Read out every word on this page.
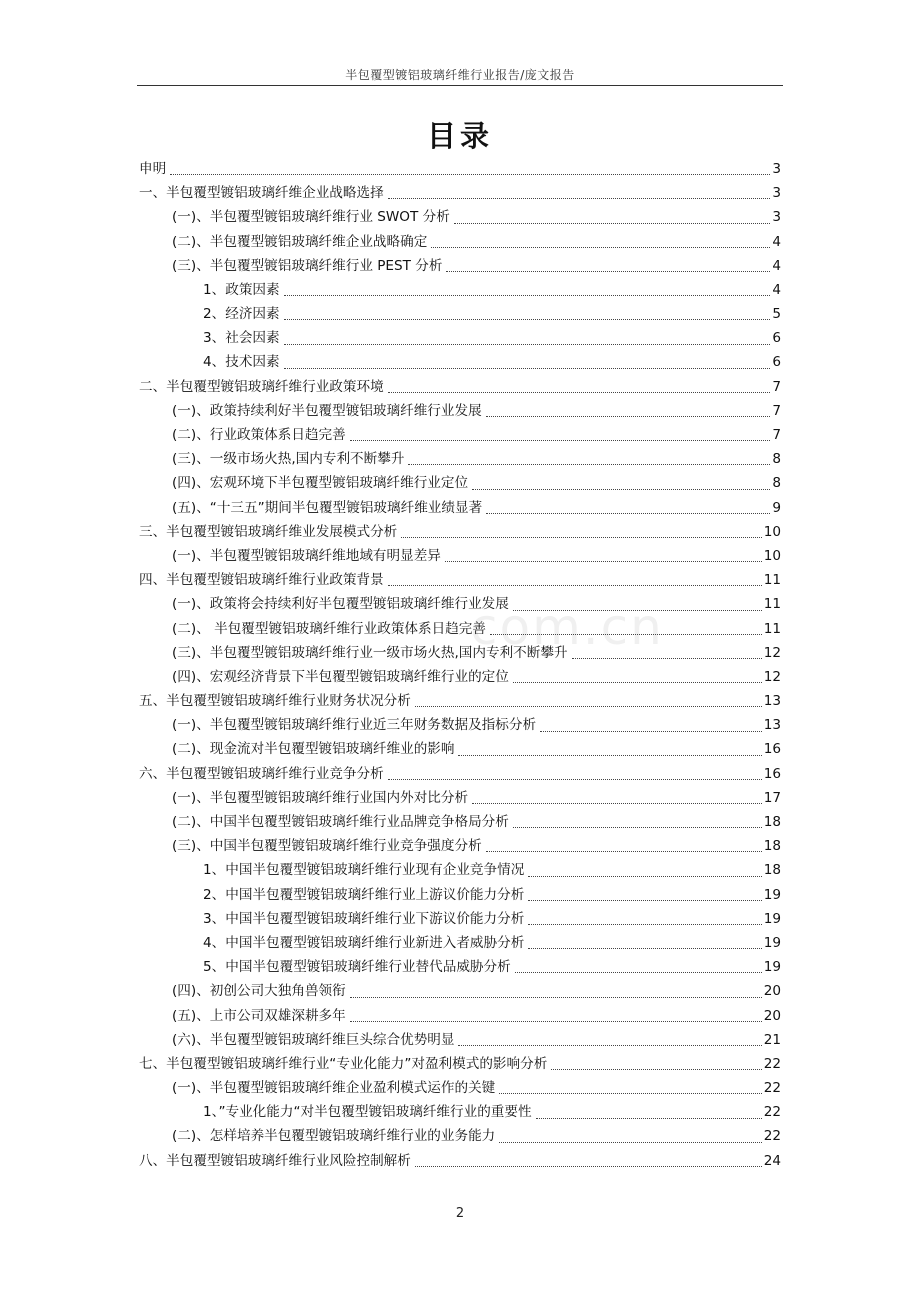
半包覆型镀铝玻璃纤维行业报告/庞文报告
目录
com.cn
申明	3
一、半包覆型镀铝玻璃纤维企业战略选择	3
(一)、半包覆型镀铝玻璃纤维行业 SWOT 分析	3
(二)、半包覆型镀铝玻璃纤维企业战略确定	4
(三)、半包覆型镀铝玻璃纤维行业 PEST 分析	4
1、政策因素	4
2、经济因素	5
3、社会因素	6
4、技术因素	6
二、半包覆型镀铝玻璃纤维行业政策环境	7
(一)、政策持续利好半包覆型镀铝玻璃纤维行业发展	7
(二)、行业政策体系日趋完善	7
(三)、一级市场火热,国内专利不断攀升	8
(四)、宏观环境下半包覆型镀铝玻璃纤维行业定位	8
(五)、“十三五”期间半包覆型镀铝玻璃纤维业绩显著	9
三、半包覆型镀铝玻璃纤维业发展模式分析	10
(一)、半包覆型镀铝玻璃纤维地域有明显差异	10
四、半包覆型镀铝玻璃纤维行业政策背景	11
(一)、政策将会持续利好半包覆型镀铝玻璃纤维行业发展	11
(二)、 半包覆型镀铝玻璃纤维行业政策体系日趋完善	11
(三)、半包覆型镀铝玻璃纤维行业一级市场火热,国内专利不断攀升	12
(四)、宏观经济背景下半包覆型镀铝玻璃纤维行业的定位	12
五、半包覆型镀铝玻璃纤维行业财务状况分析	13
(一)、半包覆型镀铝玻璃纤维行业近三年财务数据及指标分析	13
(二)、现金流对半包覆型镀铝玻璃纤维业的影响	16
六、半包覆型镀铝玻璃纤维行业竞争分析	16
(一)、半包覆型镀铝玻璃纤维行业国内外对比分析	17
(二)、中国半包覆型镀铝玻璃纤维行业品牌竞争格局分析	18
(三)、中国半包覆型镀铝玻璃纤维行业竞争强度分析	18
1、中国半包覆型镀铝玻璃纤维行业现有企业竞争情况	18
2、中国半包覆型镀铝玻璃纤维行业上游议价能力分析	19
3、中国半包覆型镀铝玻璃纤维行业下游议价能力分析	19
4、中国半包覆型镀铝玻璃纤维行业新进入者威胁分析	19
5、中国半包覆型镀铝玻璃纤维行业替代品威胁分析	19
(四)、初创公司大独角兽领衔	20
(五)、上市公司双雄深耕多年	20
(六)、半包覆型镀铝玻璃纤维巨头综合优势明显	21
七、半包覆型镀铝玻璃纤维行业“专业化能力”对盈利模式的影响分析	22
(一)、半包覆型镀铝玻璃纤维企业盈利模式运作的关键	22
1、”专业化能力“对半包覆型镀铝玻璃纤维行业的重要性	22
(二)、怎样培养半包覆型镀铝玻璃纤维行业的业务能力	22
八、半包覆型镀铝玻璃纤维行业风险控制解析	24
2
